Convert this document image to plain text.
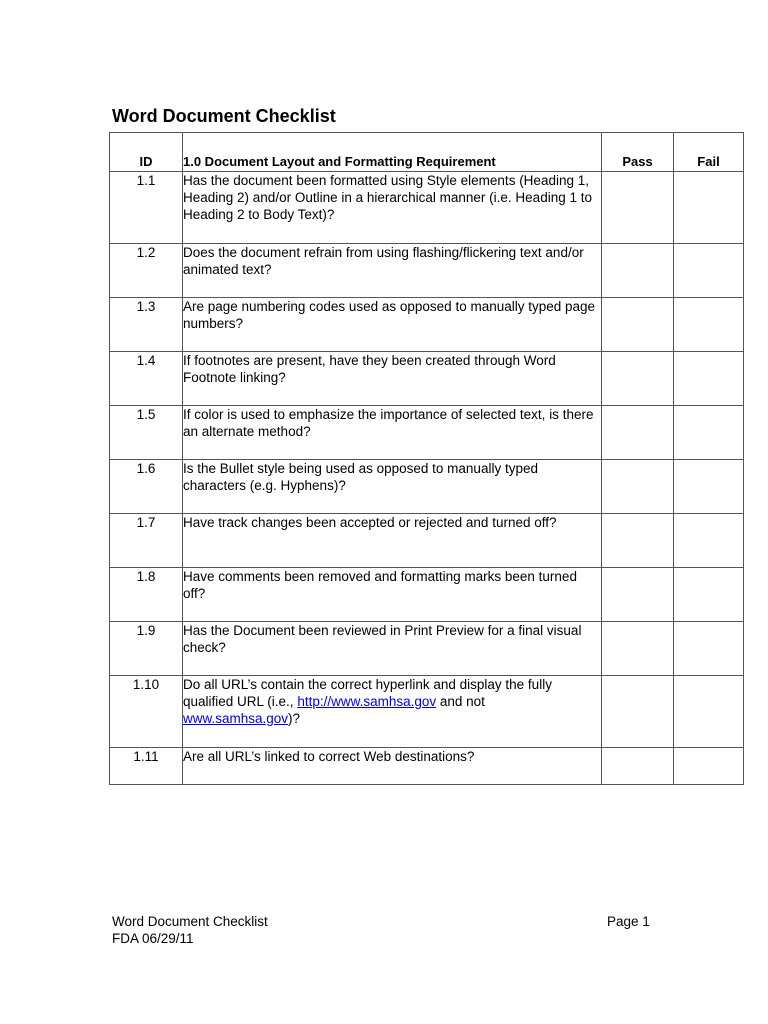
Word Document Checklist
ID	1.0 Document Layout and Formatting Requirement	Pass	Fail
1.1	Has the document been formatted using Style elements (Heading 1, Heading 2) and/or Outline in a hierarchical manner (i.e. Heading 1 to Heading 2 to Body Text)?		
1.2	Does the document refrain from using flashing/flickering text and/or animated text?		
1.3	Are page numbering codes used as opposed to manually typed page numbers?		
1.4	If footnotes are present, have they been created through Word Footnote linking?		
1.5	If color is used to emphasize the importance of selected text, is there an alternate method?		
1.6	Is the Bullet style being used as opposed to manually typed characters (e.g. Hyphens)?		
1.7	Have track changes been accepted or rejected and turned off?		
1.8	Have comments been removed and formatting marks been turned off?		
1.9	Has the Document been reviewed in Print Preview for a final visual check?		
1.10	Do all URL’s contain the correct hyperlink and display the fully qualified URL (i.e., http://www.samhsa.gov and not www.samhsa.gov)?		
1.11	Are all URL’s linked to correct Web destinations?		
Word Document Checklist
FDA 06/29/11
Page 1
